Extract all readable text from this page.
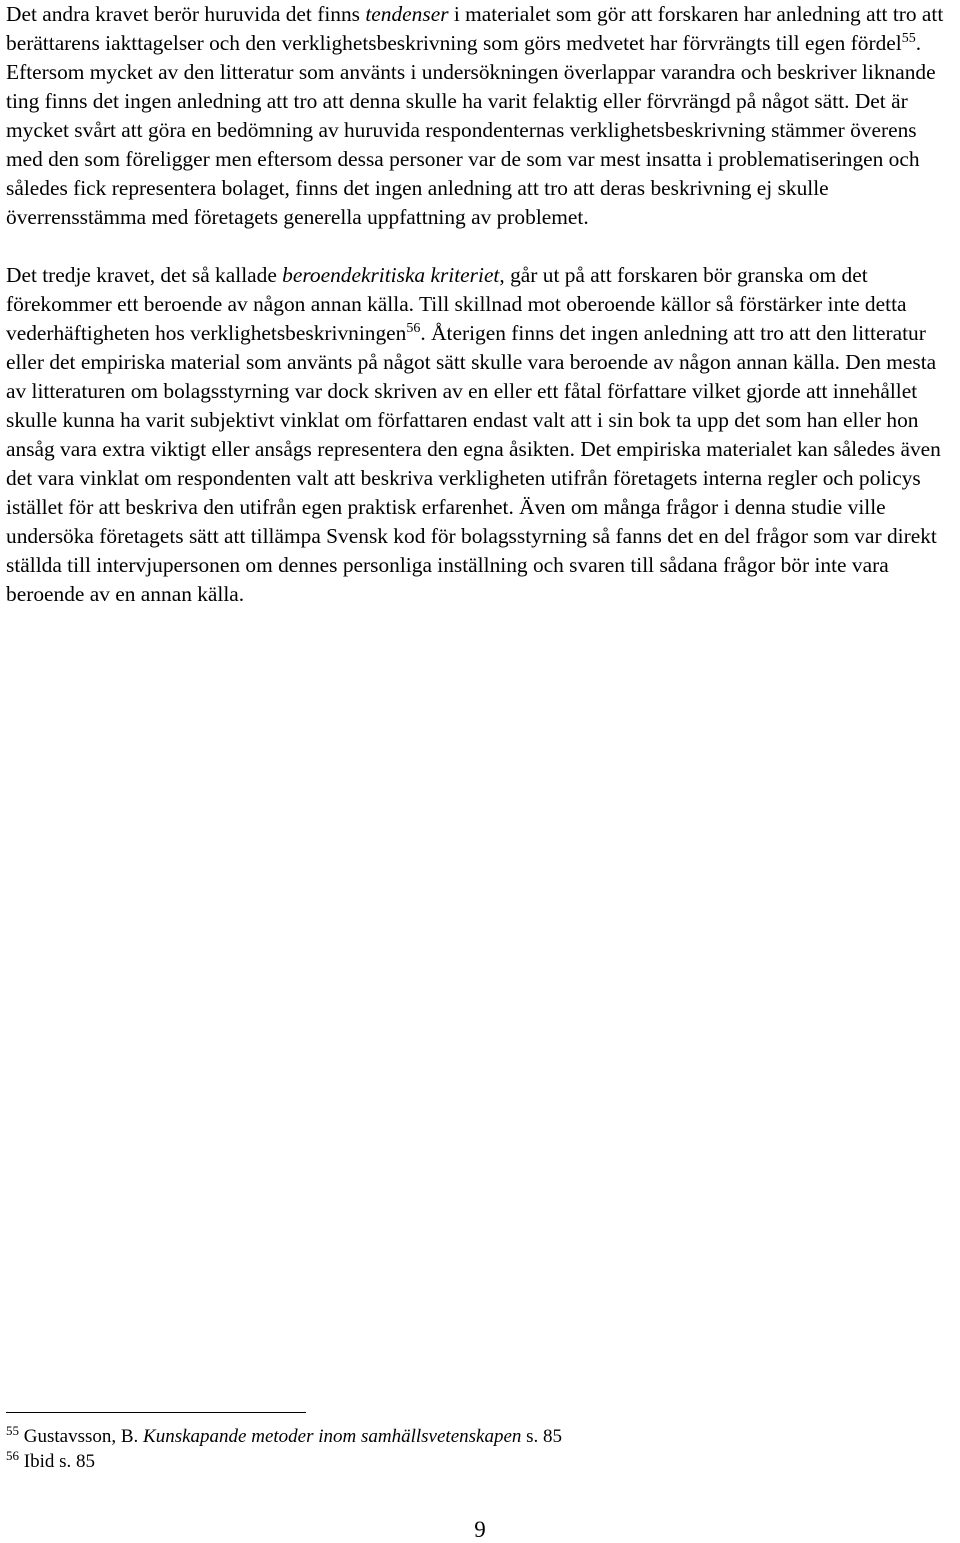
Det andra kravet berör huruvida det finns tendenser i materialet som gör att forskaren har anledning att tro att berättarens iakttagelser och den verklighetsbeskrivning som görs medvetet har förvrängts till egen fördel$^{55}$. Eftersom mycket av den litteratur som använts i undersökningen överlappar varandra och beskriver liknande ting finns det ingen anledning att tro att denna skulle ha varit felaktig eller förvrängd på något sätt. Det är mycket svårt att göra en bedömning av huruvida respondenternas verklighetsbeskrivning stämmer överens med den som föreligger men eftersom dessa personer var de som var mest insatta i problematiseringen och således fick representera bolaget, finns det ingen anledning att tro att deras beskrivning ej skulle överrensstämma med företagets generella uppfattning av problemet.

Det tredje kravet, det så kallade beroendekritiska kriteriet, går ut på att forskaren bör granska om det förekommer ett beroende av någon annan källa. Till skillnad mot oberoende källor så förstärker inte detta vederhäftigheten hos verklighetsbeskrivningen$^{56}$. Återigen finns det ingen anledning att tro att den litteratur eller det empiriska material som använts på något sätt skulle vara beroende av någon annan källa. Den mesta av litteraturen om bolagsstyrning var dock skriven av en eller ett fåtal författare vilket gjorde att innehållet skulle kunna ha varit subjektivt vinklat om författaren endast valt att i sin bok ta upp det som han eller hon ansåg vara extra viktigt eller ansågs representera den egna åsikten. Det empiriska materialet kan således även det vara vinklat om respondenten valt att beskriva verkligheten utifrån företagets interna regler och policys istället för att beskriva den utifrån egen praktisk erfarenhet. Även om många frågor i denna studie ville undersöka företagets sätt att tillämpa Svensk kod för bolagsstyrning så fanns det en del frågor som var direkt ställda till intervjupersonen om dennes personliga inställning och svaren till sådana frågor bör inte vara beroende av en annan källa.

$^{55}$ Gustavsson, B. Kunskapande metoder inom samhällsvetenskapen s. 85

$^{56}$ Ibid s. 85

9
